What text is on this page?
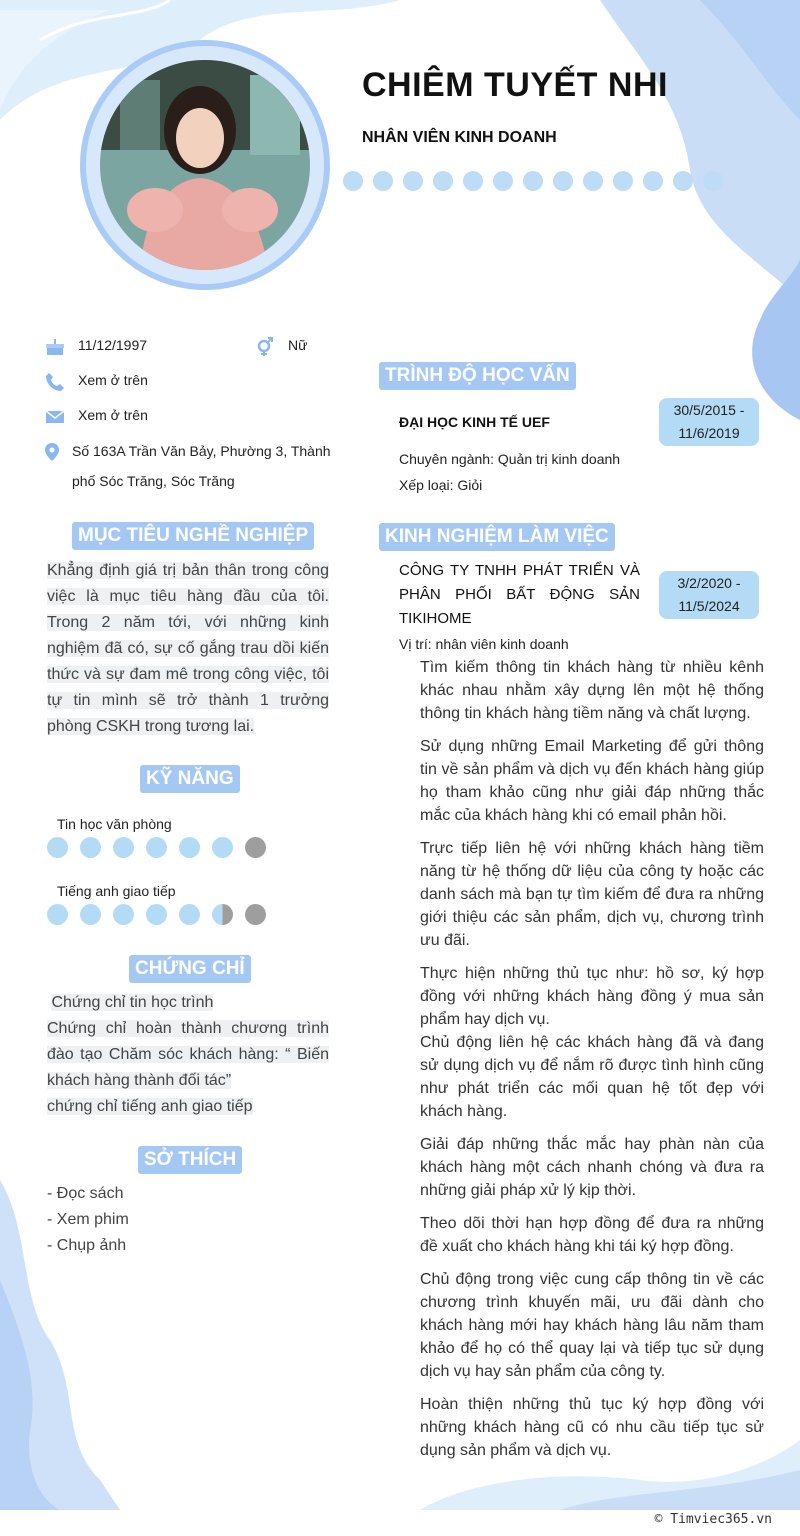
CHIÊM TUYẾT NHI
NHÂN VIÊN KINH DOANH
11/12/1997	Nữ
Xem ở trên
Xem ở trên
Số 163A Trần Văn Bảy, Phường 3, Thành phố Sóc Trăng, Sóc Trăng
MỤC TIÊU NGHỀ NGHIỆP
Khẳng định giá trị bản thân trong công việc là mục tiêu hàng đầu của tôi. Trong 2 năm tới, với những kinh nghiệm đã có, sự cố gắng trau dồi kiến thức và sự đam mê trong công việc, tôi tự tin mình sẽ trở thành 1 trưởng phòng CSKH trong tương lai.
KỸ NĂNG
Tin học văn phòng
Tiếng anh giao tiếp
CHỨNG CHỈ
Chứng chỉ tin học trình
Chứng chỉ hoàn thành chương trình đào tạo Chăm sóc khách hàng: “ Biến khách hàng thành đối tác”
chứng chỉ tiếng anh giao tiếp
SỞ THÍCH
- Đọc sách
- Xem phim
- Chụp ảnh
TRÌNH ĐỘ HỌC VẤN
ĐẠI HỌC KINH TẾ UEF
30/5/2015 -
11/6/2019
Chuyên ngành: Quản trị kinh doanh
Xếp loại: Giỏi
KINH NGHIỆM LÀM VIỆC
CÔNG TY TNHH PHÁT TRIỂN VÀ PHÂN PHỐI BẤT ĐỘNG SẢN TIKIHOME
3/2/2020 -
11/5/2024
Vị trí: nhân viên kinh doanh

Tìm kiếm thông tin khách hàng từ nhiều kênh khác nhau nhằm xây dựng lên một hệ thống thông tin khách hàng tiềm năng và chất lượng.

Sử dụng những Email Marketing để gửi thông tin về sản phẩm và dịch vụ đến khách hàng giúp họ tham khảo cũng như giải đáp những thắc mắc của khách hàng khi có email phản hồi.

Trực tiếp liên hệ với những khách hàng tiềm năng từ hệ thống dữ liệu của công ty hoặc các danh sách mà bạn tự tìm kiếm để đưa ra những giới thiệu các sản phẩm, dịch vụ, chương trình ưu đãi.

Thực hiện những thủ tục như: hồ sơ, ký hợp đồng với những khách hàng đồng ý mua sản phẩm hay dịch vụ.

Chủ động liên hệ các khách hàng đã và đang sử dụng dịch vụ để nắm rõ được tình hình cũng như phát triển các mối quan hệ tốt đẹp với khách hàng.

Giải đáp những thắc mắc hay phàn nàn của khách hàng một cách nhanh chóng và đưa ra những giải pháp xử lý kịp thời.

Theo dõi thời hạn hợp đồng để đưa ra những đề xuất cho khách hàng khi tái ký hợp đồng.

Chủ động trong việc cung cấp thông tin về các chương trình khuyến mãi, ưu đãi dành cho khách hàng mới hay khách hàng lâu năm tham khảo để họ có thể quay lại và tiếp tục sử dụng dịch vụ hay sản phẩm của công ty.

Hoàn thiện những thủ tục ký hợp đồng với những khách hàng cũ có nhu cầu tiếp tục sử dụng sản phẩm và dịch vụ.

© Timviec365.vn
